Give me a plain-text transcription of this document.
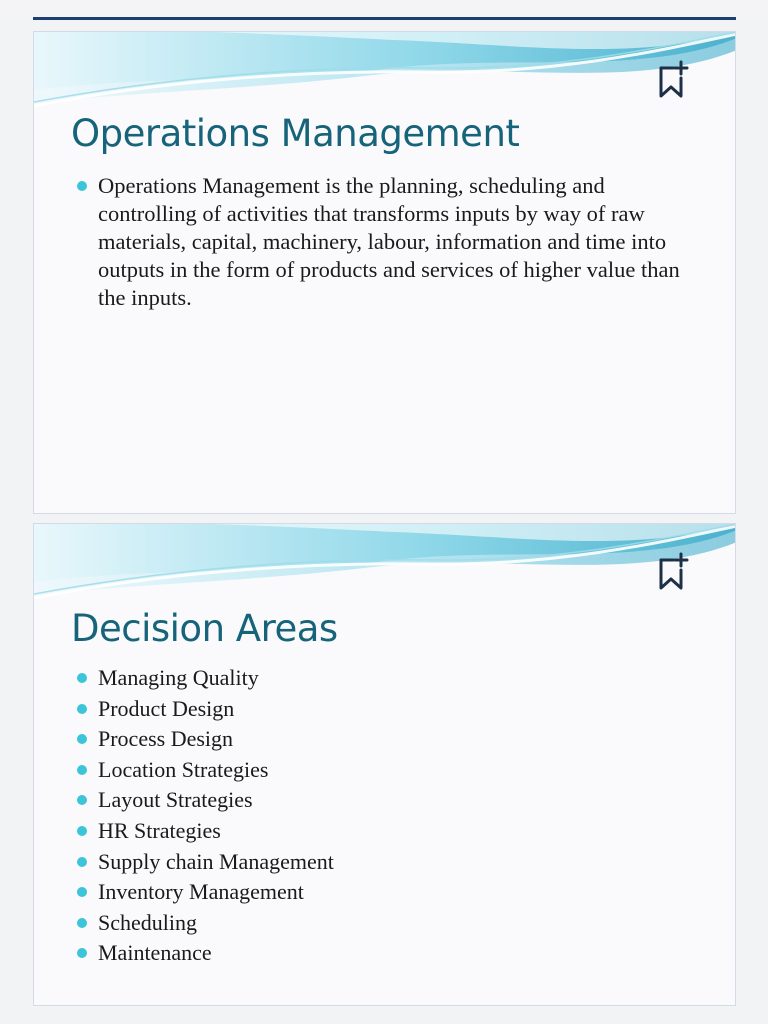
Operations Management
Operations Management is the planning, scheduling and controlling of activities that transforms inputs by way of raw materials, capital, machinery, labour, information and time into outputs in the form of products and services of higher value than the inputs.
Decision Areas
Managing Quality
Product Design
Process Design
Location Strategies
Layout Strategies
HR Strategies
Supply chain Management
Inventory Management
Scheduling
Maintenance
